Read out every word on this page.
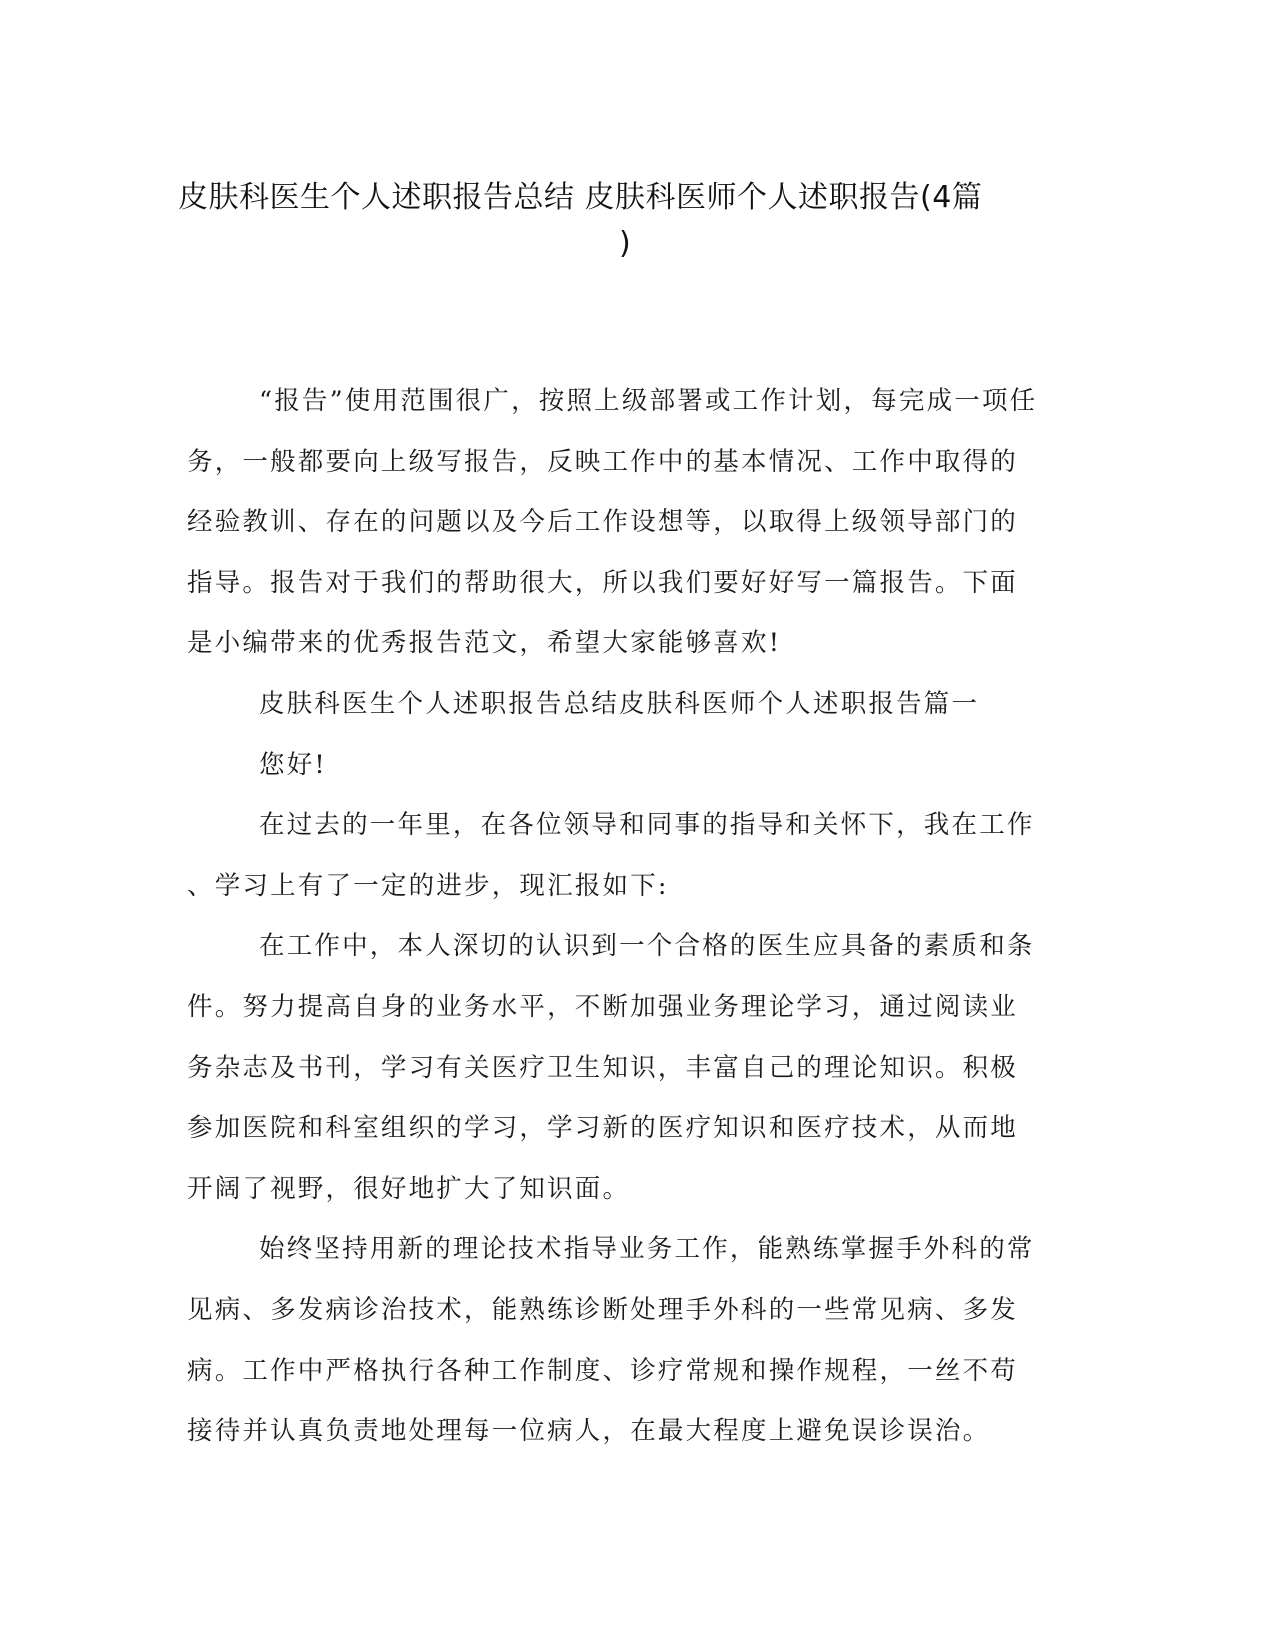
皮肤科医生个人述职报告总结 皮肤科医师个人述职报告(4篇
)
“报告”使用范围很广，按照上级部署或工作计划，每完成一项任
务，一般都要向上级写报告，反映工作中的基本情况、工作中取得的
经验教训、存在的问题以及今后工作设想等，以取得上级领导部门的
指导。报告对于我们的帮助很大，所以我们要好好写一篇报告。下面
是小编带来的优秀报告范文，希望大家能够喜欢!
皮肤科医生个人述职报告总结皮肤科医师个人述职报告篇一
您好!
在过去的一年里，在各位领导和同事的指导和关怀下，我在工作
、学习上有了一定的进步，现汇报如下:
在工作中，本人深切的认识到一个合格的医生应具备的素质和条
件。努力提高自身的业务水平，不断加强业务理论学习，通过阅读业
务杂志及书刊，学习有关医疗卫生知识，丰富自己的理论知识。积极
参加医院和科室组织的学习，学习新的医疗知识和医疗技术，从而地
开阔了视野，很好地扩大了知识面。
始终坚持用新的理论技术指导业务工作，能熟练掌握手外科的常
见病、多发病诊治技术，能熟练诊断处理手外科的一些常见病、多发
病。工作中严格执行各种工作制度、诊疗常规和操作规程，一丝不苟
接待并认真负责地处理每一位病人，在最大程度上避免误诊误治。
